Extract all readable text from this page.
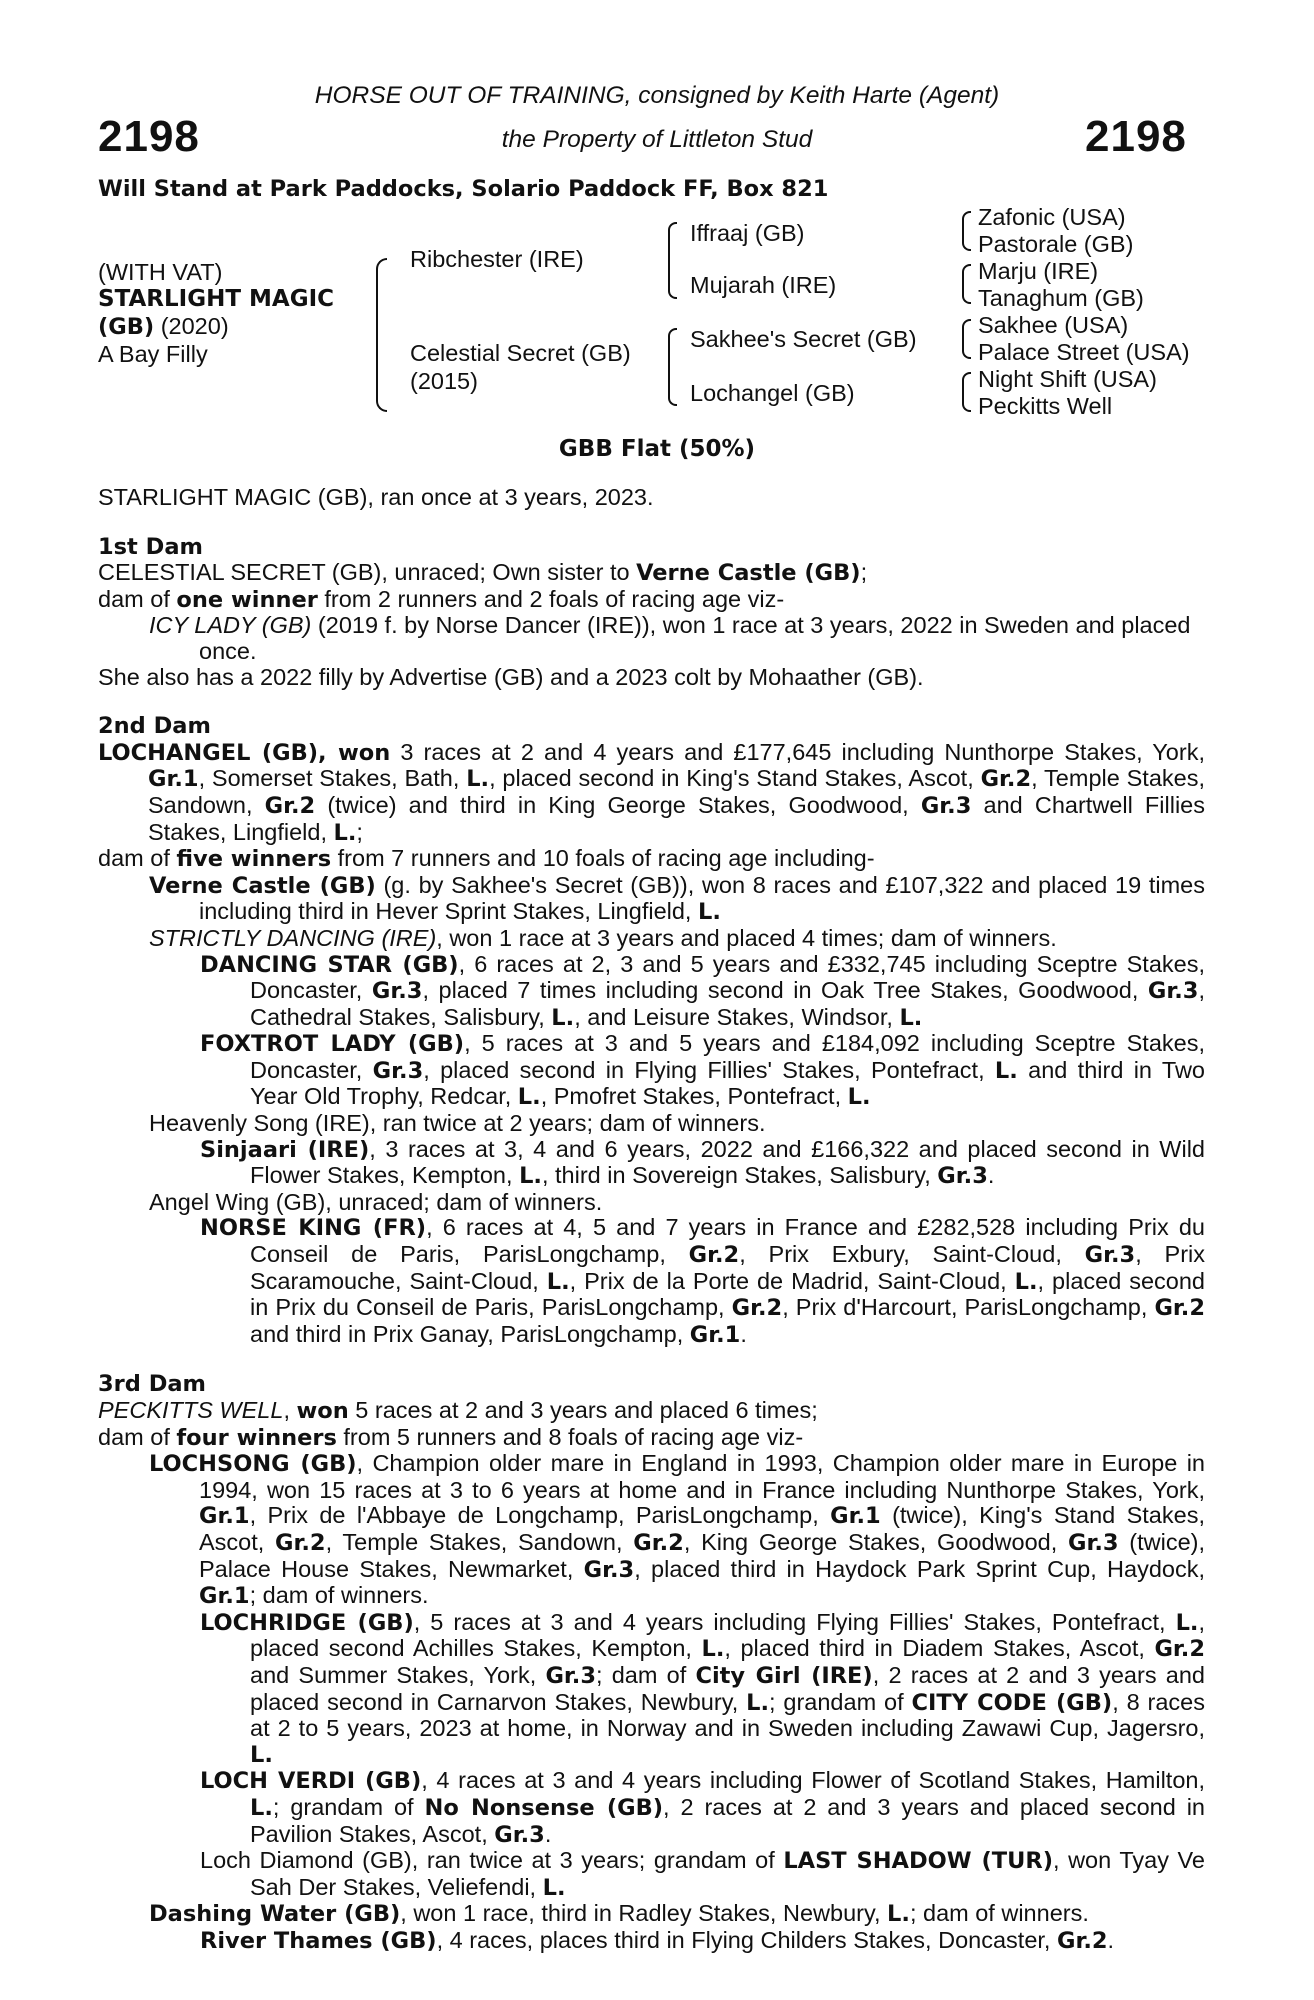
2198	2198
HORSE OUT OF TRAINING, consigned by Keith Harte (Agent)
the Property of Littleton Stud
Will Stand at Park Paddocks, Solario Paddock FF, Box 821
(WITH VAT)
STARLIGHT MAGIC
(GB) (2020)
A Bay Filly
Ribchester (IRE)
Celestial Secret (GB)
(2015)
Iffraaj (GB)
Mujarah (IRE)
Sakhee's Secret (GB)
Lochangel (GB)
Zafonic (USA)
Pastorale (GB)
Marju (IRE)
Tanaghum (GB)
Sakhee (USA)
Palace Street (USA)
Night Shift (USA)
Peckitts Well
GBB Flat (50%)

STARLIGHT MAGIC (GB), ran once at 3 years, 2023.

1st Dam

CELESTIAL SECRET (GB), unraced; Own sister to Verne Castle (GB);

dam of one winner from 2 runners and 2 foals of racing age viz-

ICY LADY (GB) (2019 f. by Norse Dancer (IRE)), won 1 race at 3 years, 2022 in Sweden and placed once.

She also has a 2022 filly by Advertise (GB) and a 2023 colt by Mohaather (GB).

2nd Dam

LOCHANGEL (GB), won 3 races at 2 and 4 years and £177,645 including Nunthorpe Stakes, York, Gr.1, Somerset Stakes, Bath, L., placed second in King's Stand Stakes, Ascot, Gr.2, Temple Stakes, Sandown, Gr.2 (twice) and third in King George Stakes, Goodwood, Gr.3 and Chartwell Fillies Stakes, Lingfield, L.;

dam of five winners from 7 runners and 10 foals of racing age including-

Verne Castle (GB) (g. by Sakhee's Secret (GB)), won 8 races and £107,322 and placed 19 times including third in Hever Sprint Stakes, Lingfield, L.

STRICTLY DANCING (IRE), won 1 race at 3 years and placed 4 times; dam of winners.

DANCING STAR (GB), 6 races at 2, 3 and 5 years and £332,745 including Sceptre Stakes, Doncaster, Gr.3, placed 7 times including second in Oak Tree Stakes, Goodwood, Gr.3, Cathedral Stakes, Salisbury, L., and Leisure Stakes, Windsor, L.

FOXTROT LADY (GB), 5 races at 3 and 5 years and £184,092 including Sceptre Stakes, Doncaster, Gr.3, placed second in Flying Fillies' Stakes, Pontefract, L. and third in Two Year Old Trophy, Redcar, L., Pmofret Stakes, Pontefract, L.

Heavenly Song (IRE), ran twice at 2 years; dam of winners.

Sinjaari (IRE), 3 races at 3, 4 and 6 years, 2022 and £166,322 and placed second in Wild Flower Stakes, Kempton, L., third in Sovereign Stakes, Salisbury, Gr.3.

Angel Wing (GB), unraced; dam of winners.

NORSE KING (FR), 6 races at 4, 5 and 7 years in France and £282,528 including Prix du Conseil de Paris, ParisLongchamp, Gr.2, Prix Exbury, Saint-Cloud, Gr.3, Prix Scaramouche, Saint-Cloud, L., Prix de la Porte de Madrid, Saint-Cloud, L., placed second in Prix du Conseil de Paris, ParisLongchamp, Gr.2, Prix d'Harcourt, ParisLongchamp, Gr.2 and third in Prix Ganay, ParisLongchamp, Gr.1.

3rd Dam

PECKITTS WELL, won 5 races at 2 and 3 years and placed 6 times;

dam of four winners from 5 runners and 8 foals of racing age viz-

LOCHSONG (GB), Champion older mare in England in 1993, Champion older mare in Europe in 1994, won 15 races at 3 to 6 years at home and in France including Nunthorpe Stakes, York, Gr.1, Prix de l'Abbaye de Longchamp, ParisLongchamp, Gr.1 (twice), King's Stand Stakes, Ascot, Gr.2, Temple Stakes, Sandown, Gr.2, King George Stakes, Goodwood, Gr.3 (twice), Palace House Stakes, Newmarket, Gr.3, placed third in Haydock Park Sprint Cup, Haydock, Gr.1; dam of winners.

LOCHRIDGE (GB), 5 races at 3 and 4 years including Flying Fillies' Stakes, Pontefract, L., placed second Achilles Stakes, Kempton, L., placed third in Diadem Stakes, Ascot, Gr.2 and Summer Stakes, York, Gr.3; dam of City Girl (IRE), 2 races at 2 and 3 years and placed second in Carnarvon Stakes, Newbury, L.; grandam of CITY CODE (GB), 8 races at 2 to 5 years, 2023 at home, in Norway and in Sweden including Zawawi Cup, Jagersro, L.

LOCH VERDI (GB), 4 races at 3 and 4 years including Flower of Scotland Stakes, Hamilton, L.; grandam of No Nonsense (GB), 2 races at 2 and 3 years and placed second in Pavilion Stakes, Ascot, Gr.3.

Loch Diamond (GB), ran twice at 3 years; grandam of LAST SHADOW (TUR), won Tyay Ve Sah Der Stakes, Veliefendi, L.

Dashing Water (GB), won 1 race, third in Radley Stakes, Newbury, L.; dam of winners.

River Thames (GB), 4 races, places third in Flying Childers Stakes, Doncaster, Gr.2.
